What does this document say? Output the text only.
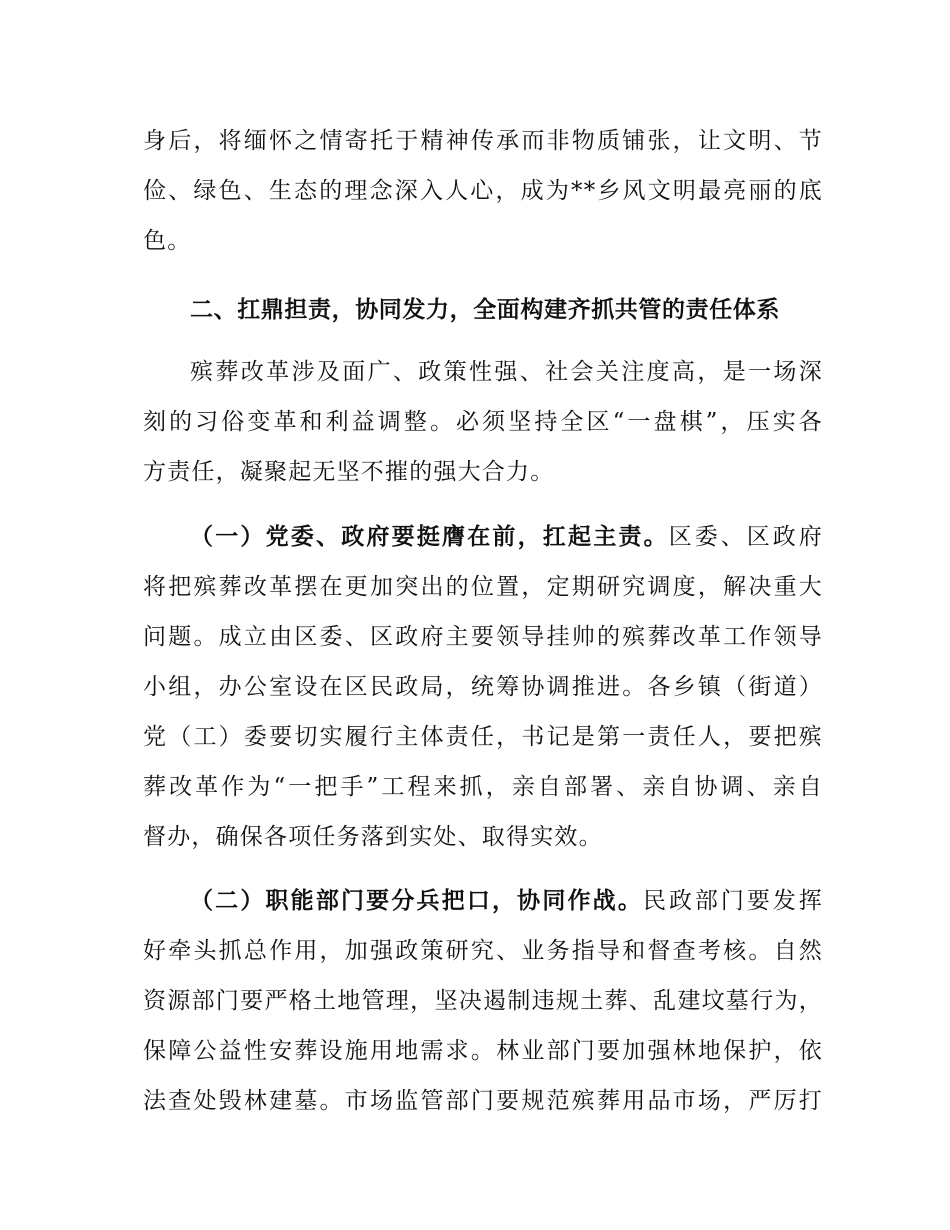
身后，将缅怀之情寄托于精神传承而非物质铺张，让文明、节
俭、绿色、生态的理念深入人心，成为**乡风文明最亮丽的底
色。
二、扛鼎担责，协同发力，全面构建齐抓共管的责任体系
殡葬改革涉及面广、政策性强、社会关注度高，是一场深
刻的习俗变革和利益调整。必须坚持全区“一盘棋”，压实各
方责任，凝聚起无坚不摧的强大合力。
（一）党委、政府要挺膺在前，扛起主责。区委、区政府
将把殡葬改革摆在更加突出的位置，定期研究调度，解决重大
问题。成立由区委、区政府主要领导挂帅的殡葬改革工作领导
小组，办公室设在区民政局，统筹协调推进。各乡镇（街道）
党（工）委要切实履行主体责任，书记是第一责任人，要把殡
葬改革作为“一把手”工程来抓，亲自部署、亲自协调、亲自
督办，确保各项任务落到实处、取得实效。
（二）职能部门要分兵把口，协同作战。民政部门要发挥
好牵头抓总作用，加强政策研究、业务指导和督查考核。自然
资源部门要严格土地管理，坚决遏制违规土葬、乱建坟墓行为，
保障公益性安葬设施用地需求。林业部门要加强林地保护，依
法查处毁林建墓。市场监管部门要规范殡葬用品市场，严厉打
